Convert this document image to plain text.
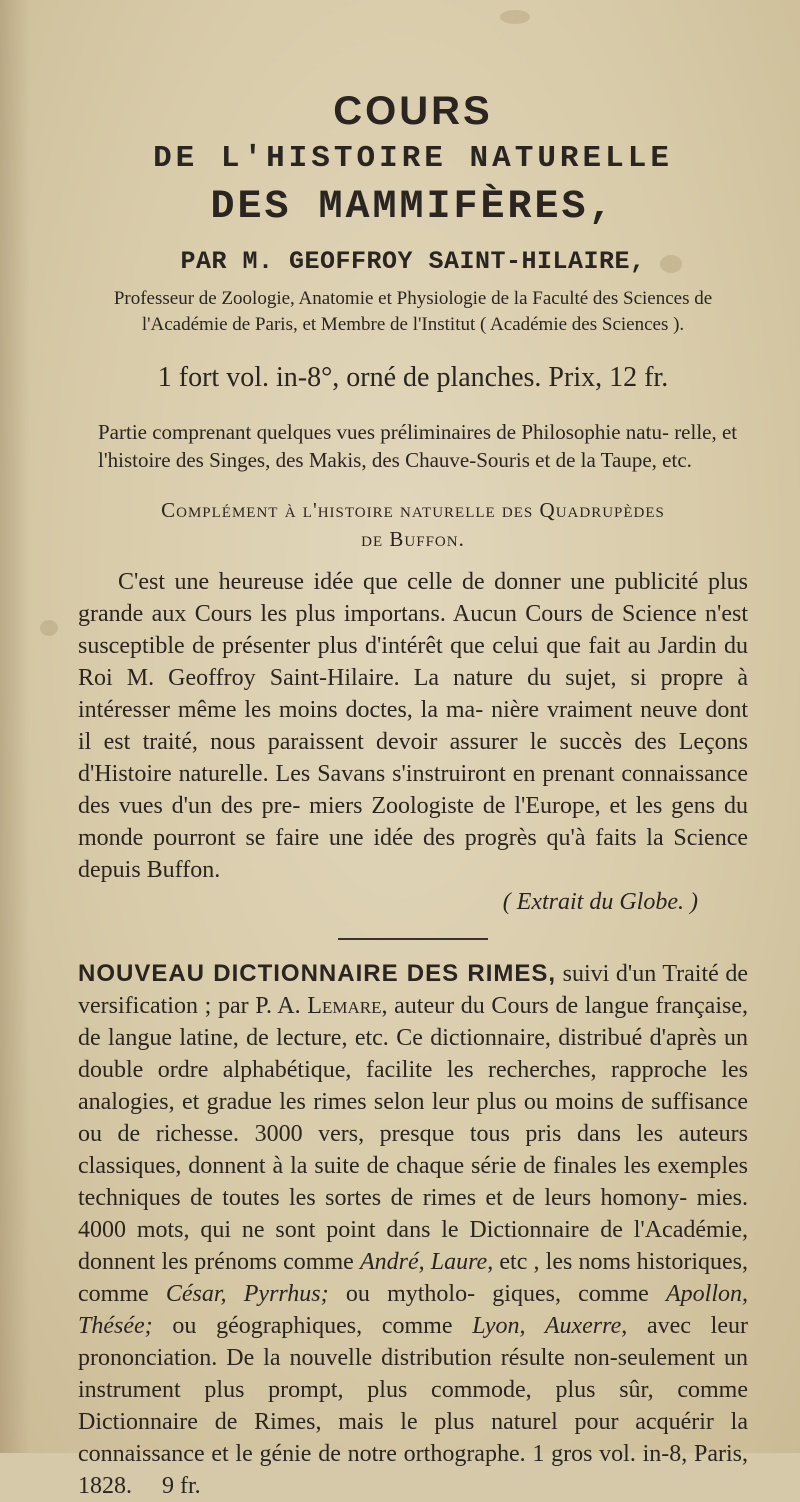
COURS
DE L'HISTOIRE NATURELLE
DES MAMMIFÈRES,
PAR M. GEOFFROY SAINT-HILAIRE,
Professeur de Zoologie, Anatomie et Physiologie de la Faculté des Sciences de l'Académie de Paris, et Membre de l'Institut ( Académie des Sciences ).
1 fort vol. in-8°, orné de planches. Prix, 12 fr.
Partie comprenant quelques vues préliminaires de Philosophie natu- relle, et l'histoire des Singes, des Makis, des Chauve-Souris et de la Taupe, etc.
Complément à l'histoire naturelle des Quadrupèdes
de Buffon.

C'est une heureuse idée que celle de donner une publicité plus grande aux Cours les plus importans. Aucun Cours de Science n'est susceptible de présenter plus d'intérêt que celui que fait au Jardin du Roi M. Geoffroy Saint-Hilaire. La nature du sujet, si propre à intéresser même les moins doctes, la ma- nière vraiment neuve dont il est traité, nous paraissent devoir assurer le succès des Leçons d'Histoire naturelle. Les Savans s'instruiront en prenant connaissance des vues d'un des pre- miers Zoologiste de l'Europe, et les gens du monde pourront se faire une idée des progrès qu'à faits la Science depuis Buffon.

( Extrait du Globe. )

NOUVEAU DICTIONNAIRE DES RIMES, suivi d'un Traité de versification ; par P. A. Lemare, auteur du Cours de langue française, de langue latine, de lecture, etc. Ce dictionnaire, distribué d'après un double ordre alphabétique, facilite les recherches, rapproche les analogies, et gradue les rimes selon leur plus ou moins de suffisance ou de richesse. 3000 vers, presque tous pris dans les auteurs classiques, donnent à la suite de chaque série de finales les exemples techniques de toutes les sortes de rimes et de leurs homony- mies. 4000 mots, qui ne sont point dans le Dictionnaire de l'Académie, donnent les prénoms comme André, Laure, etc , les noms historiques, comme César, Pyrrhus; ou mytholo- giques, comme Apollon, Thésée; ou géographiques, comme Lyon, Auxerre, avec leur prononciation. De la nouvelle distribution résulte non-seulement un instrument plus prompt, plus commode, plus sûr, comme Dictionnaire de Rimes, mais le plus naturel pour acquérir la connaissance et le génie de notre orthographe. 1 gros vol. in-8, Paris, 1828. 9 fr.
